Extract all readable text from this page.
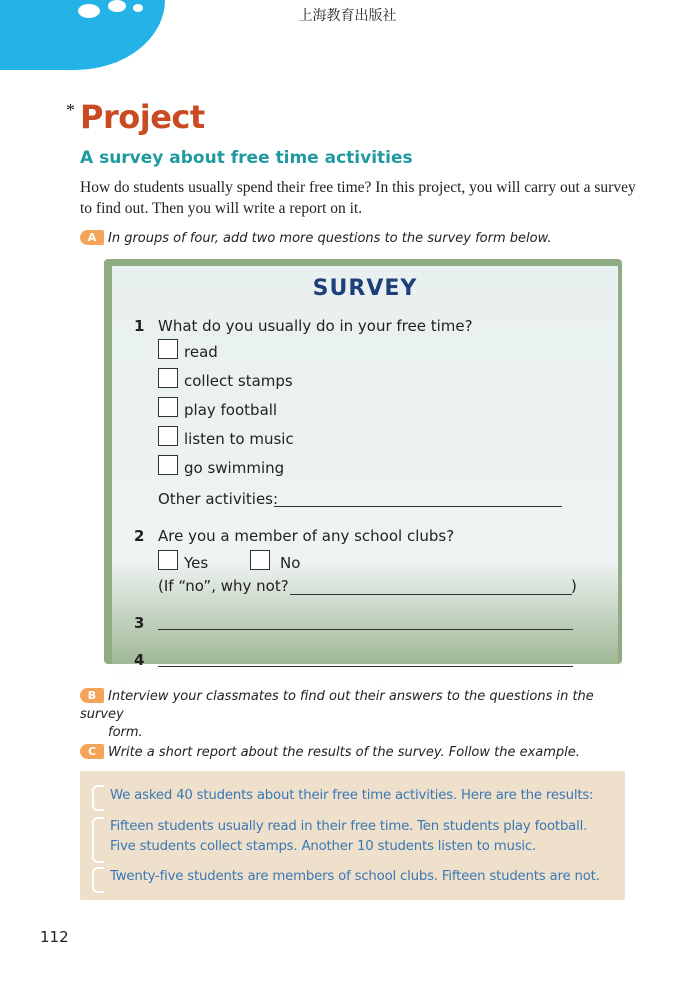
上海教育出版社
* Project
A survey about free time activities
How do students usually spend their free time? In this project, you will carry out a survey to find out. Then you will write a report on it.
A In groups of four, add two more questions to the survey form below.
SURVEY
1 What do you usually do in your free time?
read
collect stamps
play football
listen to music
go swimming
Other activities:
2 Are you a member of any school clubs?
Yes	No
(If “no”, why not?	)
3
4
B Interview your classmates to find out their answers to the questions in the survey
form.
C Write a short report about the results of the survey. Follow the example.
We asked 40 students about their free time activities. Here are the results:
Fifteen students usually read in their free time. Ten students play football.
Five students collect stamps. Another 10 students listen to music.
Twenty-five students are members of school clubs. Fifteen students are not.
112
